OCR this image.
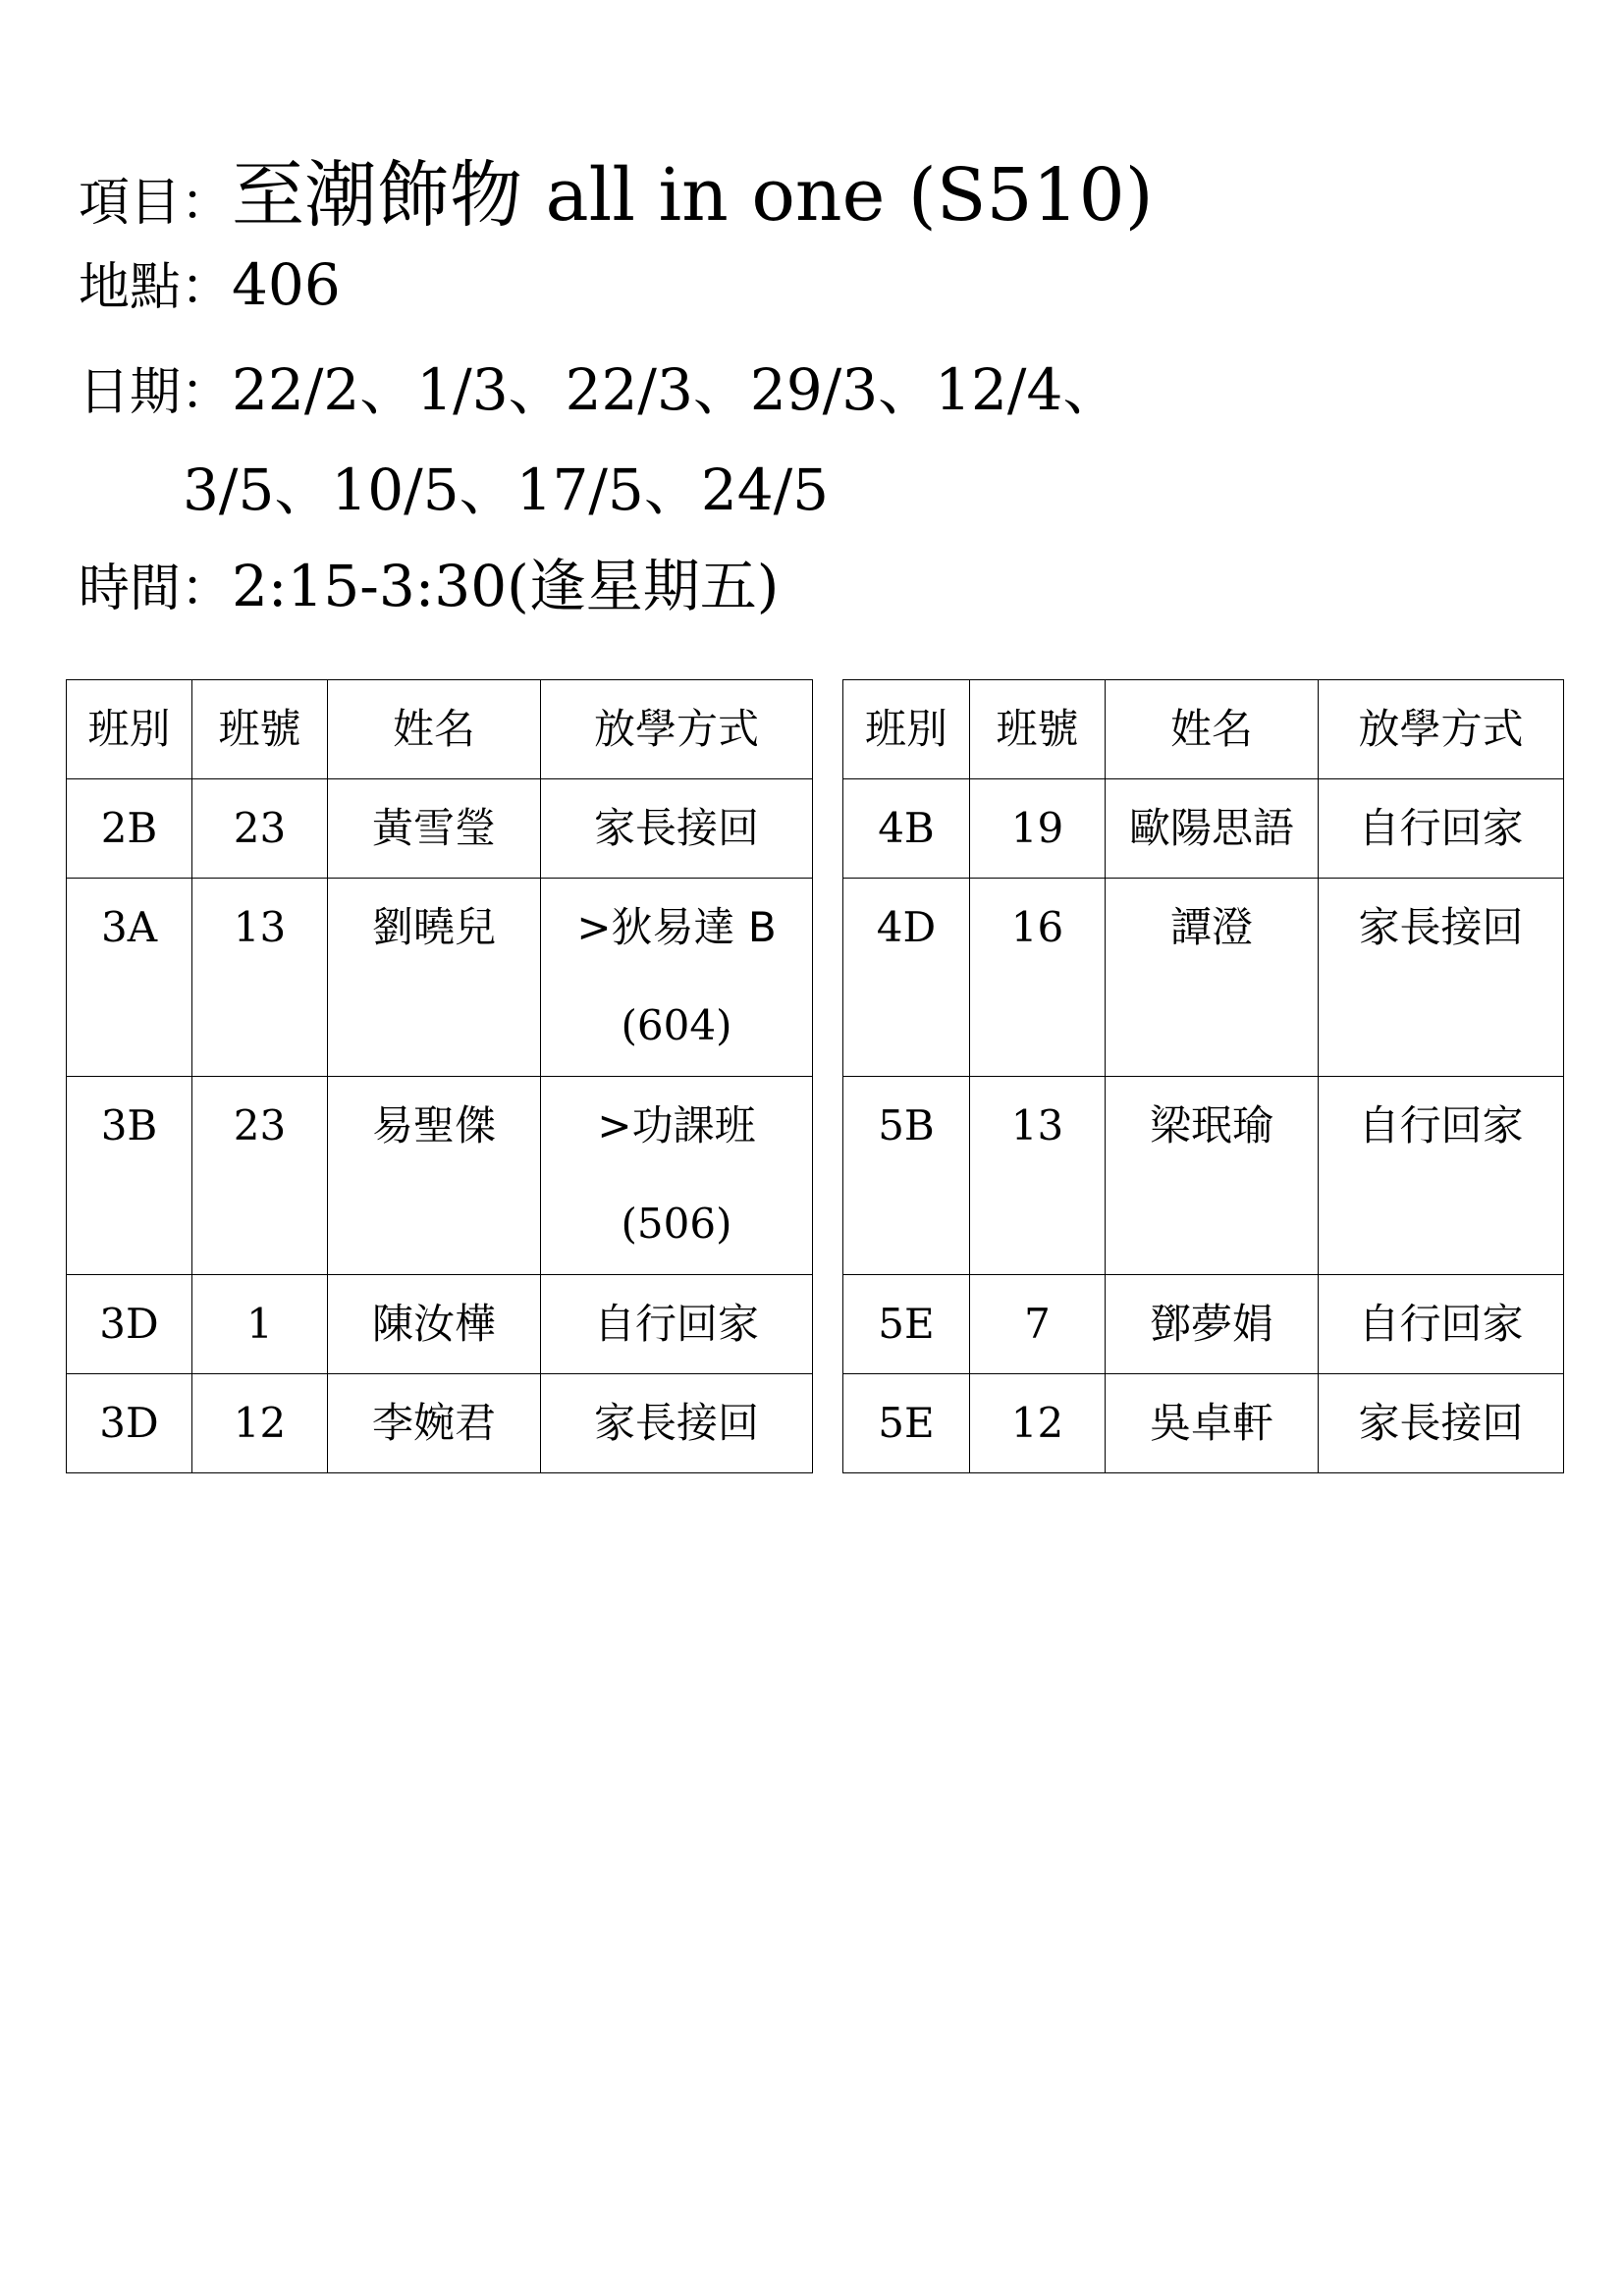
項目：至潮飾物 all in one (S510)
地點：406
日期：22/2、1/3、22/3、29/3、12/4、
3/5、10/5、17/5、24/5
時間：2:15-3:30(逢星期五)
班別	班號	姓名	放學方式
2B	23	黃雪瑩	家長接回
3A	13	劉曉兒	>狄易達 B
(604)
3B	23	易聖傑	>功課班
(506)
3D	1	陳汝樺	自行回家
3D	12	李婉君	家長接回
班別	班號	姓名	放學方式
4B	19	歐陽思語	自行回家
4D	16	譚澄	家長接回
5B	13	梁珉瑜	自行回家
5E	7	鄧夢娟	自行回家
5E	12	吳卓軒	家長接回
